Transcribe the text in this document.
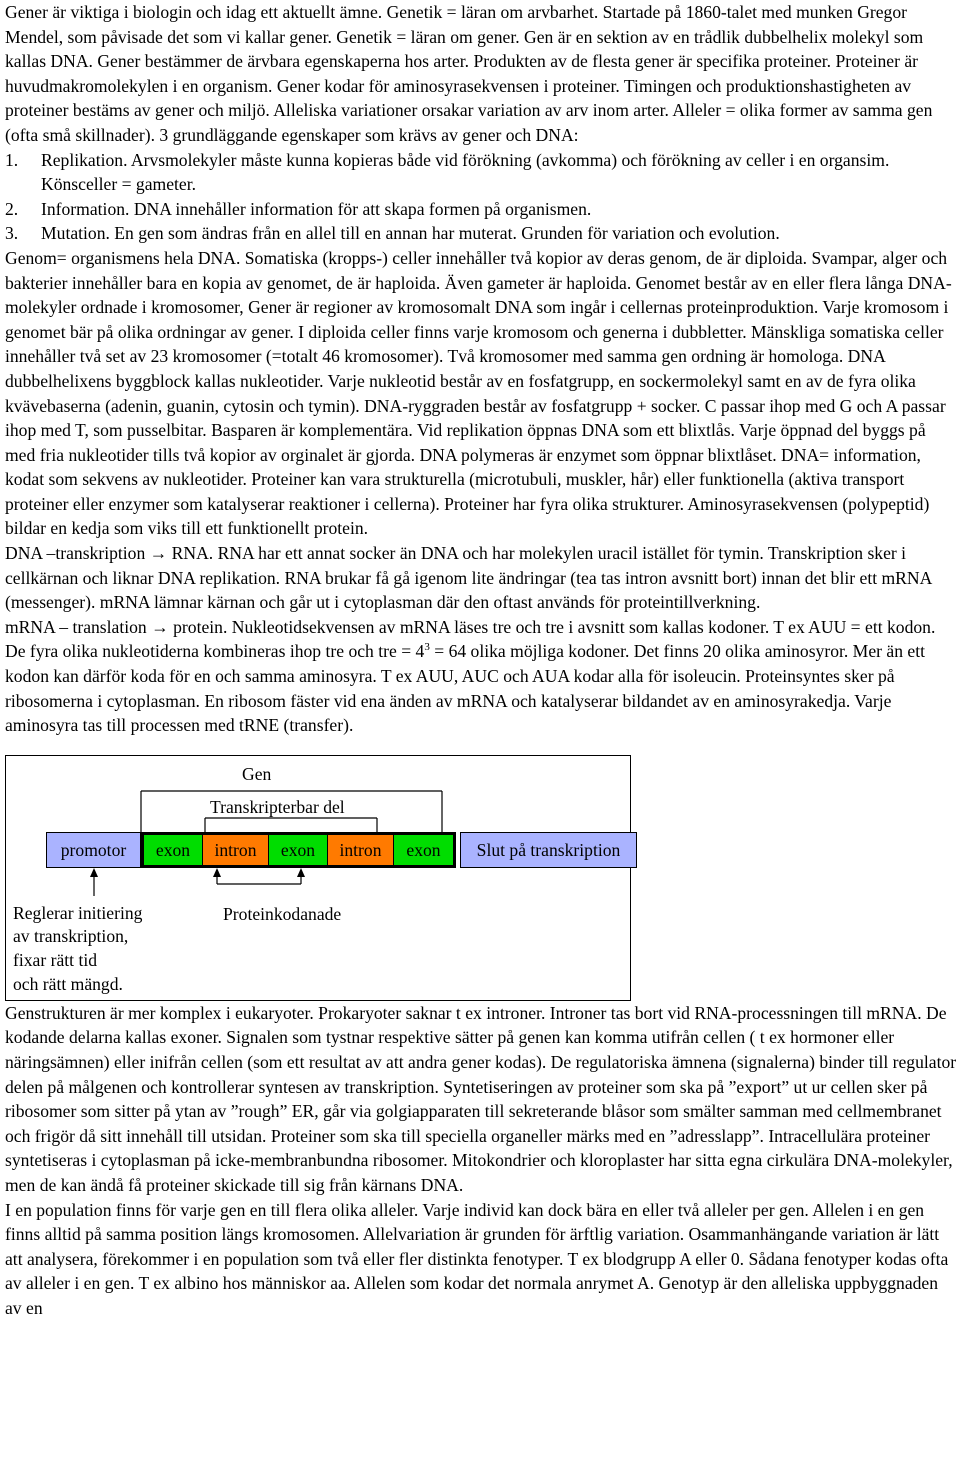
Gener är viktiga i biologin och idag ett aktuellt ämne. Genetik = läran om arvbarhet. Startade på 1860-talet med munken Gregor Mendel, som påvisade det som vi kallar gener. Genetik = läran om gener. Gen är en sektion av en trådlik dubbelhelix molekyl som kallas DNA. Gener bestämmer de ärvbara egenskaperna hos arter. Produkten av de flesta gener är specifika proteiner. Proteiner är huvudmakromolekylen i en organism. Gener kodar för aminosyrasekvensen i proteiner. Timingen och produktionshastigheten av proteiner bestäms av gener och miljö. Alleliska variationer orsakar variation av arv inom arter. Alleler = olika former av samma gen (ofta små skillnader). 3 grundläggande egenskaper som krävs av gener och DNA:

1.	Replikation. Arvsmolekyler måste kunna kopieras både vid förökning (avkomma) och förökning av celler i en organsim. Könsceller = gameter.
2.	Information. DNA innehåller information för att skapa formen på organismen.
3.	Mutation. En gen som ändras från en allel till en annan har muterat. Grunden för variation och evolution.

Genom= organismens hela DNA. Somatiska (kropps-) celler innehåller två kopior av deras genom, de är diploida. Svampar, alger och bakterier innehåller bara en kopia av genomet, de är haploida. Även gameter är haploida. Genomet består av en eller flera långa DNA-molekyler ordnade i kromosomer, Gener är regioner av kromosomalt DNA som ingår i cellernas proteinproduktion. Varje kromosom i genomet bär på olika ordningar av gener. I diploida celler finns varje kromosom och generna i dubbletter. Mänskliga somatiska celler innehåller två set av 23 kromosomer (=totalt 46 kromosomer). Två kromosomer med samma gen ordning är homologa. DNA dubbelhelixens byggblock kallas nukleotider. Varje nukleotid består av en fosfatgrupp, en sockermolekyl samt en av de fyra olika kvävebaserna (adenin, guanin, cytosin och tymin). DNA-ryggraden består av fosfatgrupp + socker. C passar ihop med G och A passar ihop med T, som pusselbitar. Basparen är komplementära. Vid replikation öppnas DNA som ett blixtlås. Varje öppnad del byggs på med fria nukleotider tills två kopior av orginalet är gjorda. DNA polymeras är enzymet som öppnar blixtlåset. DNA= information, kodat som sekvens av nukleotider. Proteiner kan vara strukturella (microtubuli, muskler, hår) eller funktionella (aktiva transport proteiner eller enzymer som katalyserar reaktioner i cellerna). Proteiner har fyra olika strukturer. Aminosyrasekvensen (polypeptid) bildar en kedja som viks till ett funktionellt protein.

DNA –transkription → RNA. RNA har ett annat socker än DNA och har molekylen uracil istället för tymin. Transkription sker i cellkärnan och liknar DNA replikation. RNA brukar få gå igenom lite ändringar (tea tas intron avsnitt bort) innan det blir ett mRNA (messenger). mRNA lämnar kärnan och går ut i cytoplasman där den oftast används för proteintillverkning.

mRNA – translation → protein. Nukleotidsekvensen av mRNA läses tre och tre i avsnitt som kallas kodoner. T ex AUU = ett kodon. De fyra olika nukleotiderna kombineras ihop tre och tre = $4^3 = 64$ olika möjliga kodoner. Det finns 20 olika aminosyror. Mer än ett kodon kan därför koda för en och samma aminosyra. T ex AUU, AUC och AUA kodar alla för isoleucin. Proteinsyntes sker på ribosomerna i cytoplasman. En ribosom fäster vid ena änden av mRNA och katalyserar bildandet av en aminosyrakedja. Varje aminosyra tas till processen med tRNE (transfer).

Gen
Transkripterbar del
promotor	exon	intron	exon	intron	exon	Slut på transkription
Reglerar initiering
av transkription,
fixar rätt tid
och rätt mängd.
Proteinkodanade

Genstrukturen är mer komplex i eukaryoter. Prokaryoter saknar t ex introner. Introner tas bort vid RNA-processningen till mRNA. De kodande delarna kallas exoner. Signalen som tystnar respektive sätter på genen kan komma utifrån cellen ( t ex hormoner eller näringsämnen) eller inifrån cellen (som ett resultat av att andra gener kodas). De regulatoriska ämnena (signalerna) binder till regulator delen på målgenen och kontrollerar syntesen av transkription. Syntetiseringen av proteiner som ska på ”export” ut ur cellen sker på ribosomer som sitter på ytan av ”rough” ER, går via golgiapparaten till sekreterande blåsor som smälter samman med cellmembranet och frigör då sitt innehåll till utsidan. Proteiner som ska till speciella organeller märks med en ”adresslapp”. Intracellulära proteiner syntetiseras i cytoplasman på icke-membranbundna ribosomer. Mitokondrier och kloroplaster har sitta egna cirkulära DNA-molekyler, men de kan ändå få proteiner skickade till sig från kärnans DNA.

I en population finns för varje gen en till flera olika alleler. Varje individ kan dock bära en eller två alleler per gen. Allelen i en gen finns alltid på samma position längs kromosomen. Allelvariation är grunden för ärftlig variation. Osammanhängande variation är lätt att analysera, förekommer i en population som två eller fler distinkta fenotyper. T ex blodgrupp A eller 0. Sådana fenotyper kodas ofta av alleler i en gen. T ex albino hos människor aa. Allelen som kodar det normala anrymet A. Genotyp är den alleliska uppbyggnaden av en
